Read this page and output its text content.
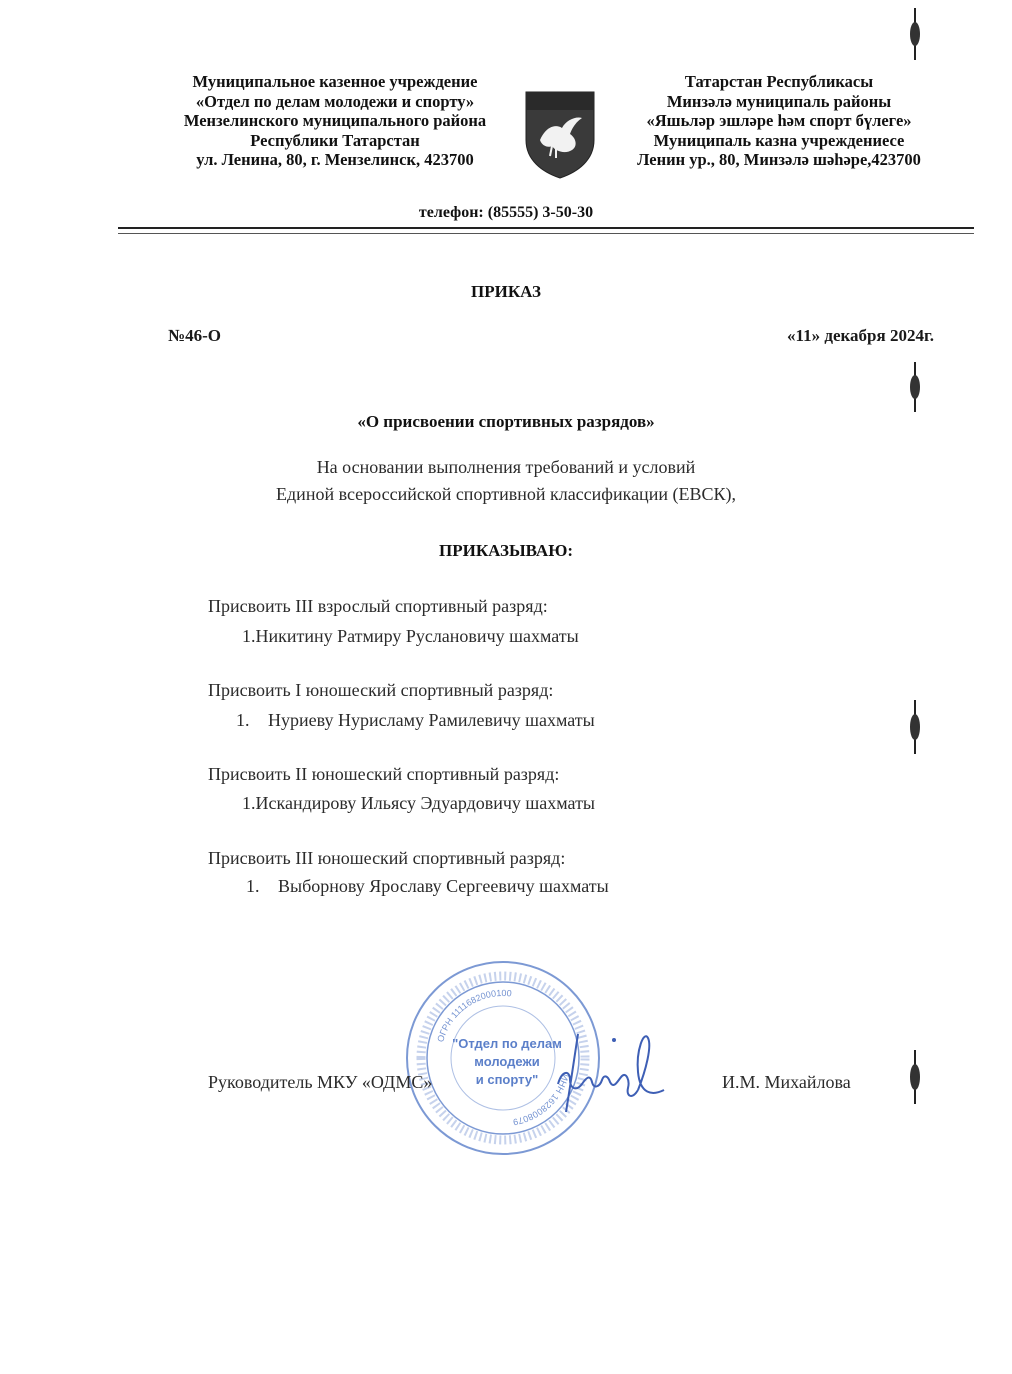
Муниципальное казенное учреждение
«Отдел по делам молодежи и спорту»
Мензелинского муниципального района
Республики Татарстан
ул. Ленина, 80, г. Мензелинск, 423700
Татарстан Республикасы
Минзәлә муниципаль районы
«Яшьләр эшләре һәм спорт бүлеге»
Муниципаль казна учреждениесе
Ленин ур., 80, Минзәлә шәһәре,423700
телефон: (85555) 3-50-30
ПРИКАЗ
№46-О	«11» декабря 2024г.
«О присвоении спортивных разрядов»
На основании выполнения требований и условий
Единой всероссийской спортивной классификации (ЕВСК),
ПРИКАЗЫВАЮ:
Присвоить III взрослый спортивный разряд:
1.Никитину Ратмиру Руслановичу шахматы
Присвоить I юношеский спортивный разряд:
1. Нуриеву Нурисламу Рамилевичу шахматы
Присвоить II юношеский спортивный разряд:
1.Искандирову Ильясу Эдуардовичу шахматы
Присвоить III юношеский спортивный разряд:
1. Выборнову Ярославу Сергеевичу шахматы
ОГРН 1111682000100
ИНН 1628008079
"Отдел по делам
молодежи
и спорту"
Руководитель МКУ «ОДМС»	И.М. Михайлова
